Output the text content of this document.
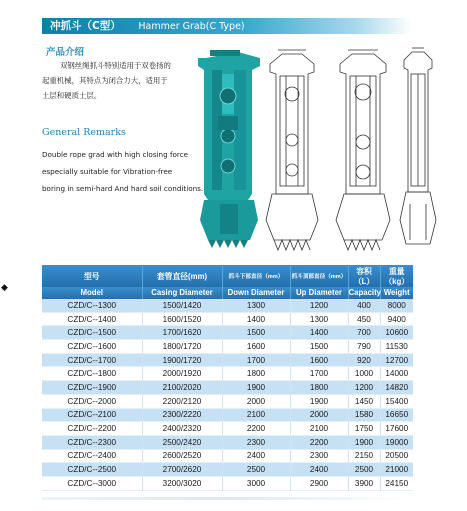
冲抓斗（C型） Hammer Grab(C Type)
产品介绍

双钢丝绳抓斗特别适用于双卷扬的

起重机械，其特点为闭合力大，适用于

土层和硬质土层。

General Remarks

Double rope grad with high closing force

especially suitable for Vibration-free

boring in semi-hard And hard soil conditions.

◆
型号	套管直径(mm)	抓斗下部直径（mm）	抓斗顶部直径（mm）	容积（L）	重量（kg）
Model	Casing Diameter	Down Diameter	Up Diameter	Capacity	Weight
CZD/C--1300	1500/1420	1300	1200	400	8000
CZD/C--1400	1600/1520	1400	1300	450	9400
CZD/C--1500	1700/1620	1500	1400	700	10600
CZD/C--1600	1800/1720	1600	1500	790	11530
CZD/C--1700	1900/1720	1700	1600	920	12700
CZD/C--1800	2000/1920	1800	1700	1000	14000
CZD/C--1900	2100/2020	1900	1800	1200	14820
CZD/C--2000	2200/2120	2000	1900	1450	15400
CZD/C--2100	2300/2220	2100	2000	1580	16650
CZD/C--2200	2400/2320	2200	2100	1750	17600
CZD/C--2300	2500/2420	2300	2200	1900	19000
CZD/C--2400	2600/2520	2400	2300	2150	20500
CZD/C--2500	2700/2620	2500	2400	2500	21000
CZD/C--3000	3200/3020	3000	2900	3900	24150
